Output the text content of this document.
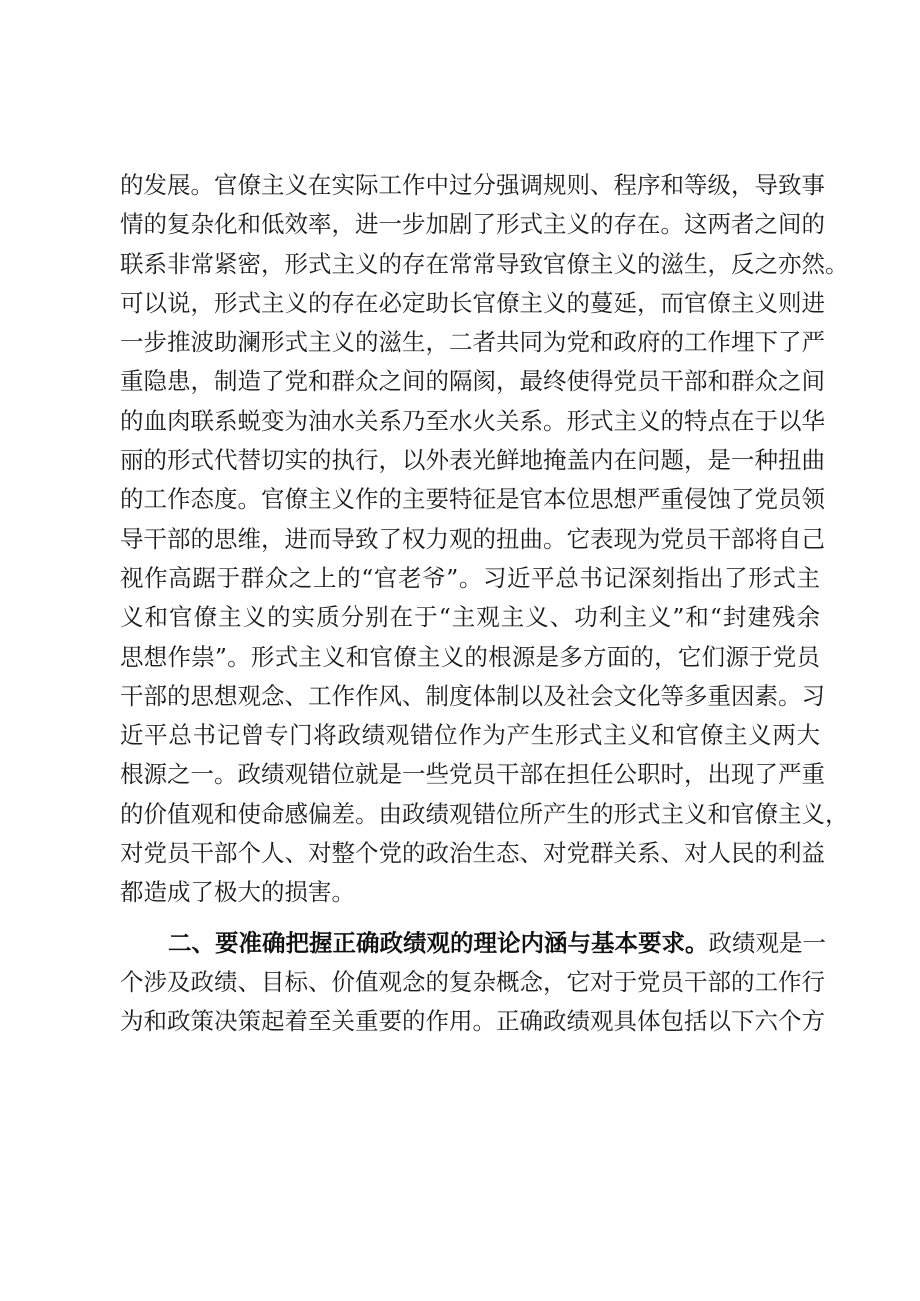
的发展。官僚主义在实际工作中过分强调规则、程序和等级，导致事
情的复杂化和低效率，进一步加剧了形式主义的存在。这两者之间的
联系非常紧密，形式主义的存在常常导致官僚主义的滋生，反之亦然。
可以说，形式主义的存在必定助长官僚主义的蔓延，而官僚主义则进
一步推波助澜形式主义的滋生，二者共同为党和政府的工作埋下了严
重隐患，制造了党和群众之间的隔阂，最终使得党员干部和群众之间
的血肉联系蜕变为油水关系乃至水火关系。形式主义的特点在于以华
丽的形式代替切实的执行，以外表光鲜地掩盖内在问题，是一种扭曲
的工作态度。官僚主义作的主要特征是官本位思想严重侵蚀了党员领
导干部的思维，进而导致了权力观的扭曲。它表现为党员干部将自己
视作高踞于群众之上的“官老爷”。习近平总书记深刻指出了形式主
义和官僚主义的实质分别在于“主观主义、功利主义”和“封建残余
思想作祟”。形式主义和官僚主义的根源是多方面的，它们源于党员
干部的思想观念、工作作风、制度体制以及社会文化等多重因素。习
近平总书记曾专门将政绩观错位作为产生形式主义和官僚主义两大
根源之一。政绩观错位就是一些党员干部在担任公职时，出现了严重
的价值观和使命感偏差。由政绩观错位所产生的形式主义和官僚主义，
对党员干部个人、对整个党的政治生态、对党群关系、对人民的利益
都造成了极大的损害。
二、要准确把握正确政绩观的理论内涵与基本要求。政绩观是一
个涉及政绩、目标、价值观念的复杂概念，它对于党员干部的工作行
为和政策决策起着至关重要的作用。正确政绩观具体包括以下六个方
